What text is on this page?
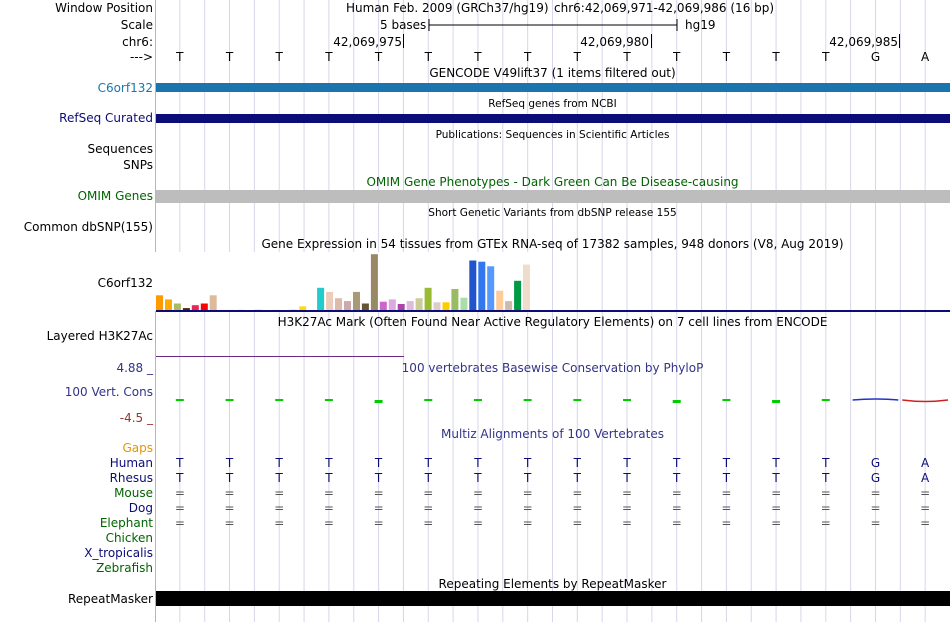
Window Position	Human Feb. 2009 (GRCh37/hg19) chr6:42,069,971-42,069,986 (16 bp)
Scale	5 bases	hg19
chr6:	42,069,975	42,069,980	42,069,985
---> T	T	T	T	T	T	T	T	T	T	T	T	T	T	G	A
GENCODE V49lift37 (1 items filtered out)
C6orf132
RefSeq genes from NCBI
RefSeq Curated
Publications: Sequences in Scientific Articles
Sequences
SNPs
OMIM Gene Phenotypes - Dark Green Can Be Disease-causing
OMIM Genes
Short Genetic Variants from dbSNP release 155
Common dbSNP(155)
Gene Expression in 54 tissues from GTEx RNA-seq of 17382 samples, 948 donors (V8, Aug 2019)
C6orf132
H3K27Ac Mark (Often Found Near Active Regulatory Elements) on 7 cell lines from ENCODE
Layered H3K27Ac
100 vertebrates Basewise Conservation by PhyloP
4.88 _
100 Vert. Cons
-4.5 _
Multiz Alignments of 100 Vertebrates
Gaps
Human T	T	T	T	T	T	T	T	T	T	T	T	T	T	G	A
Rhesus T	T	T	T	T	T	T	T	T	T	T	T	T	T	G	A
Mouse =	=	=	=	=	=	=	=	=	=	=	=	=	=	=	=
Dog =	=	=	=	=	=	=	=	=	=	=	=	=	=	=	=
Elephant =	=	=	=	=	=	=	=	=	=	=	=	=	=	=	=
Chicken
X_tropicalis
Zebrafish
Repeating Elements by RepeatMasker
RepeatMasker
